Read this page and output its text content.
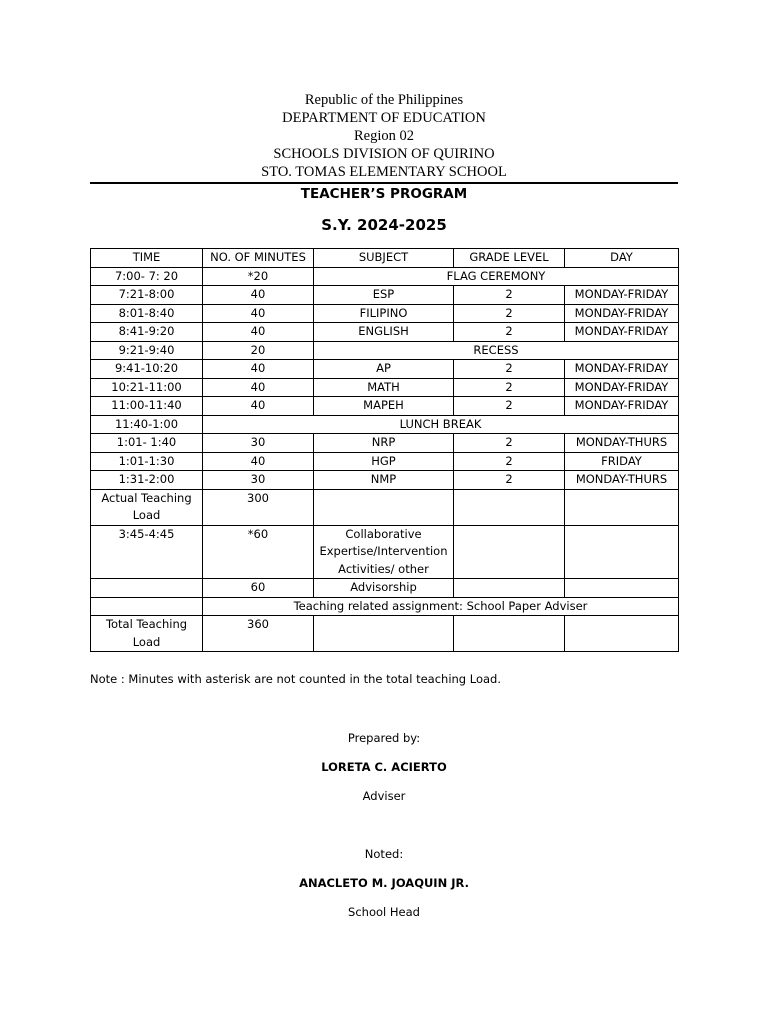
Republic of the Philippines
DEPARTMENT OF EDUCATION
Region 02
SCHOOLS DIVISION OF QUIRINO
STO. TOMAS ELEMENTARY SCHOOL
TEACHER’S PROGRAM
S.Y. 2024-2025
TIME	NO. OF MINUTES	SUBJECT	GRADE LEVEL	DAY
7:00- 7: 20	*20	FLAG CEREMONY		
7:21-8:00	40	ESP	2	MONDAY-FRIDAY
8:01-8:40	40	FILIPINO	2	MONDAY-FRIDAY
8:41-9:20	40	ENGLISH	2	MONDAY-FRIDAY
9:21-9:40	20	RECESS		
9:41-10:20	40	AP	2	MONDAY-FRIDAY
10:21-11:00	40	MATH	2	MONDAY-FRIDAY
11:00-11:40	40	MAPEH	2	MONDAY-FRIDAY
11:40-1:00	LUNCH BREAK			
1:01- 1:40	30	NRP	2	MONDAY-THURS
1:01-1:30	40	HGP	2	FRIDAY
1:31-2:00	30	NMP	2	MONDAY-THURS
Actual Teaching Load	300			
3:45-4:45	*60	Collaborative Expertise/Intervention Activities/ other		
	60	Advisorship		
	Teaching related assignment: School Paper Adviser			
Total Teaching Load	360			
Note : Minutes with asterisk are not counted in the total teaching Load.
Prepared by:
LORETA C. ACIERTO
Adviser
Noted:
ANACLETO M. JOAQUIN JR.
School Head
